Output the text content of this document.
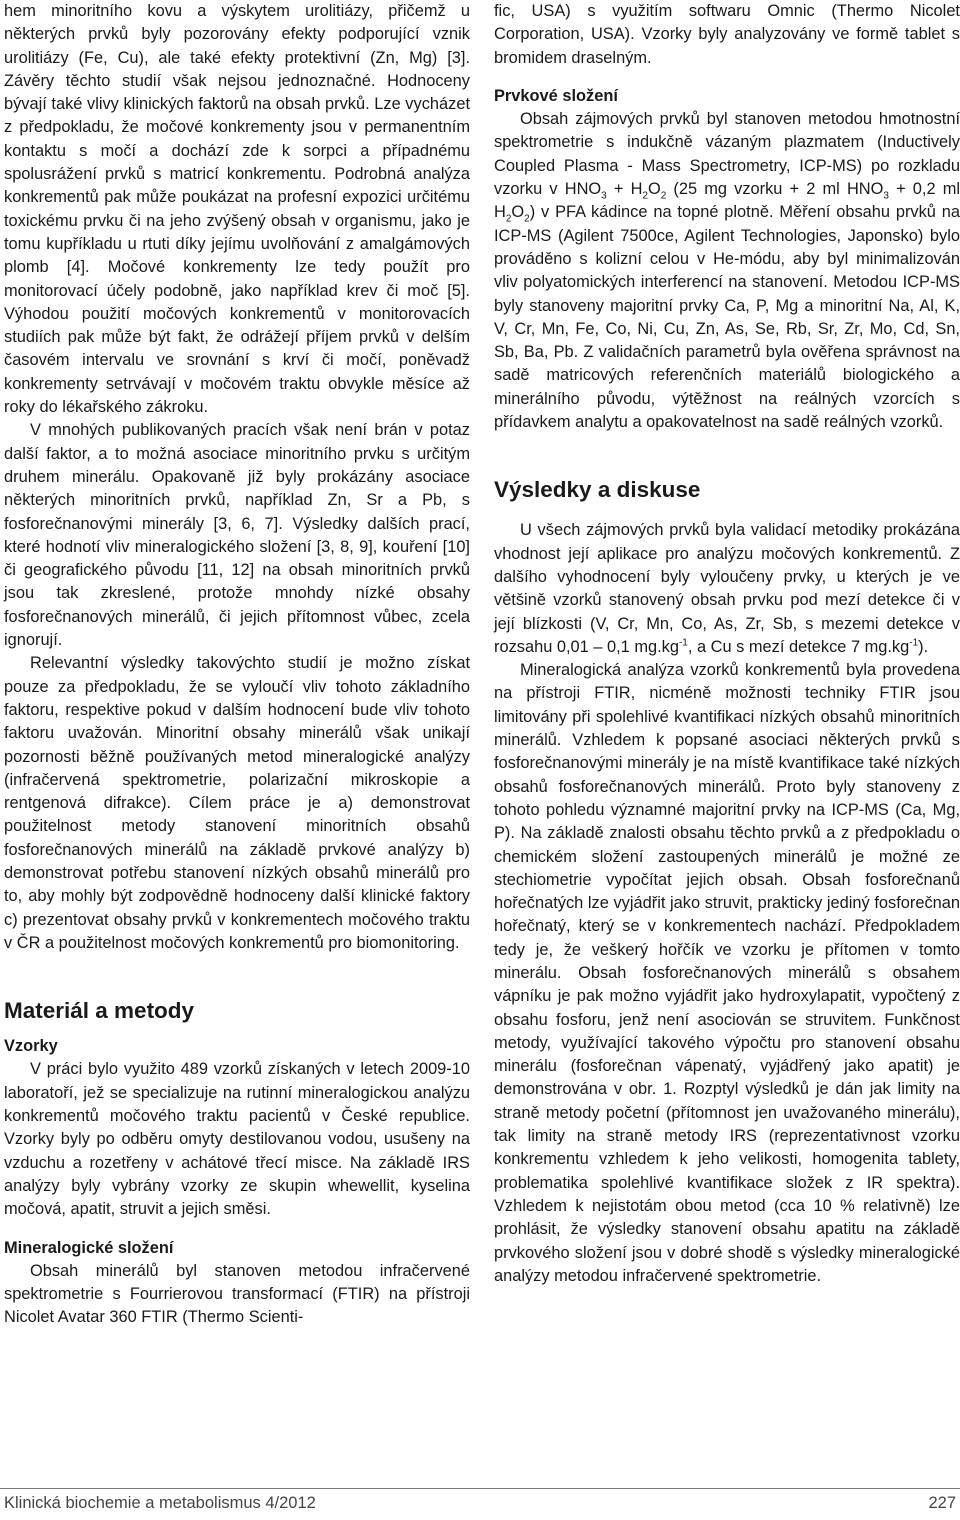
hem minoritního kovu a výskytem urolitiázy, přičemž u některých prvků byly pozorovány efekty podporující vznik urolitiázy (Fe, Cu), ale také efekty protektivní (Zn, Mg) [3]. Závěry těchto studií však nejsou jednoznačné. Hodnoceny bývají také vlivy klinických faktorů na obsah prvků. Lze vycházet z předpokladu, že močové konkrementy jsou v permanentním kontaktu s močí a dochází zde k sorpci a případnému spolusrážení prvků s matricí konkrementu. Podrobná analýza konkrementů pak může poukázat na profesní expozici určitému toxickému prvku či na jeho zvýšený obsah v organismu, jako je tomu kupříkladu u rtuti díky jejímu uvolňování z amalgámových plomb [4]. Močové konkrementy lze tedy použít pro monitorovací účely podobně, jako například krev či moč [5]. Výhodou použití močových konkrementů v monitorovacích studiích pak může být fakt, že odrážejí příjem prvků v delším časovém intervalu ve srovnání s krví či močí, poněvadž konkrementy setrvávají v močovém traktu obvykle měsíce až roky do lékařského zákroku.

V mnohých publikovaných pracích však není brán v potaz další faktor, a to možná asociace minoritního prvku s určitým druhem minerálu. Opakovaně již byly prokázány asociace některých minoritních prvků, například Zn, Sr a Pb, s fosforečnanovými minerály [3, 6, 7]. Výsledky dalších prací, které hodnotí vliv mineralogického složení [3, 8, 9], kouření [10] či geografického původu [11, 12] na obsah minoritních prvků jsou tak zkreslené, protože mnohdy nízké obsahy fosforečnanových minerálů, či jejich přítomnost vůbec, zcela ignorují.

Relevantní výsledky takovýchto studií je možno získat pouze za předpokladu, že se vyloučí vliv tohoto základního faktoru, respektive pokud v dalším hodnocení bude vliv tohoto faktoru uvažován. Minoritní obsahy minerálů však unikají pozornosti běžně používaných metod mineralogické analýzy (infračervená spektrometrie, polarizační mikroskopie a rentgenová difrakce). Cílem práce je a) demonstrovat použitelnost metody stanovení minoritních obsahů fosforečnanových minerálů na základě prvkové analýzy b) demonstrovat potřebu stanovení nízkých obsahů minerálů pro to, aby mohly být zodpovědně hodnoceny další klinické faktory c) prezentovat obsahy prvků v konkrementech močového traktu v ČR a použitelnost močových konkrementů pro biomonitoring.

Materiál a metody
Vzorky

V práci bylo využito 489 vzorků získaných v letech 2009-10 laboratoří, jež se specializuje na rutinní mineralogickou analýzu konkrementů močového traktu pacientů v České republice. Vzorky byly po odběru omyty destilovanou vodou, usušeny na vzduchu a rozetřeny v achátové třecí misce. Na základě IRS analýzy byly vybrány vzorky ze skupin whewellit, kyselina močová, apatit, struvit a jejich směsi.

Mineralogické složení

Obsah minerálů byl stanoven metodou infračervené spektrometrie s Fourrierovou transformací (FTIR) na přístroji Nicolet Avatar 360 FTIR (Thermo Scienti-

fic, USA) s využitím softwaru Omnic (Thermo Nicolet Corporation, USA). Vzorky byly analyzovány ve formě tablet s bromidem draselným.

Prvkové složení

Obsah zájmových prvků byl stanoven metodou hmotnostní spektrometrie s indukčně vázaným plazmatem (Inductively Coupled Plasma - Mass Spectrometry, ICP-MS) po rozkladu vzorku v $HNO_3 + H_2O_2$ (25 mg vzorku + 2 ml $HNO_3 + 0,2$ ml $H_2O_2$) v PFA kádince na topné plotně. Měření obsahu prvků na ICP-MS (Agilent 7500ce, Agilent Technologies, Japonsko) bylo prováděno s kolizní celou v He-módu, aby byl minimalizován vliv polyatomických interferencí na stanovení. Metodou ICP-MS byly stanoveny majoritní prvky Ca, P, Mg a minoritní Na, Al, K, V, Cr, Mn, Fe, Co, Ni, Cu, Zn, As, Se, Rb, Sr, Zr, Mo, Cd, Sn, Sb, Ba, Pb. Z validačních parametrů byla ověřena správnost na sadě matricových referenčních materiálů biologického a minerálního původu, výtěžnost na reálných vzorcích s přídavkem analytu a opakovatelnost na sadě reálných vzorků.

Výsledky a diskuse

U všech zájmových prvků byla validací metodiky prokázána vhodnost její aplikace pro analýzu močových konkrementů. Z dalšího vyhodnocení byly vyloučeny prvky, u kterých je ve většině vzorků stanovený obsah prvku pod mezí detekce či v její blízkosti (V, Cr, Mn, Co, As, Zr, Sb, s mezemi detekce v rozsahu 0,01 – 0,1 $mg.kg^{-1}$, a Cu s mezí detekce 7 $mg.kg^{-1}$).

Mineralogická analýza vzorků konkrementů byla provedena na přístroji FTIR, nicméně možnosti techniky FTIR jsou limitovány při spolehlivé kvantifikaci nízkých obsahů minoritních minerálů. Vzhledem k popsané asociaci některých prvků s fosforečnanovými minerály je na místě kvantifikace také nízkých obsahů fosforečnanových minerálů. Proto byly stanoveny z tohoto pohledu významné majoritní prvky na ICP-MS (Ca, Mg, P). Na základě znalosti obsahu těchto prvků a z předpokladu o chemickém složení zastoupených minerálů je možné ze stechiometrie vypočítat jejich obsah. Obsah fosforečnanů hořečnatých lze vyjádřit jako struvit, prakticky jediný fosforečnan hořečnatý, který se v konkrementech nachází. Předpokladem tedy je, že veškerý hořčík ve vzorku je přítomen v tomto minerálu. Obsah fosforečnanových minerálů s obsahem vápníku je pak možno vyjádřit jako hydroxylapatit, vypočtený z obsahu fosforu, jenž není asociován se struvitem. Funkčnost metody, využívající takového výpočtu pro stanovení obsahu minerálu (fosforečnan vápenatý, vyjádřený jako apatit) je demonstrována v obr. 1. Rozptyl výsledků je dán jak limity na straně metody početní (přítomnost jen uvažovaného minerálu), tak limity na straně metody IRS (reprezentativnost vzorku konkrementu vzhledem k jeho velikosti, homogenita tablety, problematika spolehlivé kvantifikace složek z IR spektra). Vzhledem k nejistotám obou metod (cca 10 % relativně) lze prohlásit, že výsledky stanovení obsahu apatitu na základě prvkového složení jsou v dobré shodě s výsledky mineralogické analýzy metodou infračervené spektrometrie.

Klinická biochemie a metabolismus 4/2012	227
